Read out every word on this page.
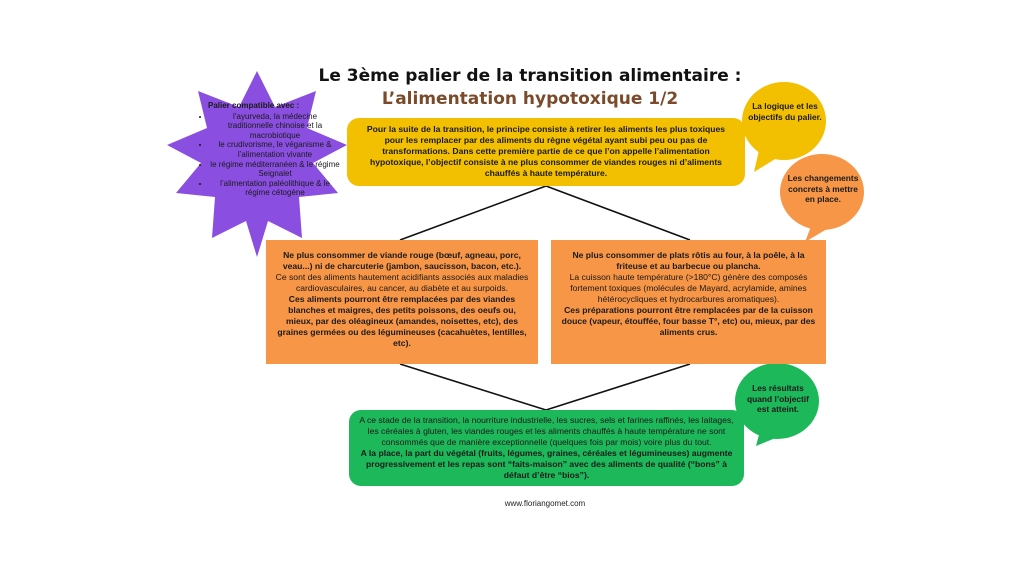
Le 3ème palier de la transition alimentaire :
L’alimentation hypotoxique 1/2
Palier compatible avec :
• l’ayurveda, la médecine traditionnelle chinoise et la macrobiotique
• le crudivorisme, le véganisme & l’alimentation vivante
• le régime méditerranéen & le régime Seignalet
• l’alimentation paléolithique & le régime cétogène
Pour la suite de la transition, le principe consiste à retirer les aliments les plus toxiques pour les remplacer par des aliments du règne végétal ayant subi peu ou pas de transformations. Dans cette première partie de ce que l’on appelle l’alimentation hypotoxique, l’objectif consiste à ne plus consommer de viandes rouges ni d’aliments chauffés à haute température.

Ne plus consommer de viande rouge (bœuf, agneau, porc, veau...) ni de charcuterie (jambon, saucisson, bacon, etc.).

Ce sont des aliments hautement acidifiants associés aux maladies cardiovasculaires, au cancer, au diabète et au surpoids.

Ces aliments pourront être remplacées par des viandes blanches et maigres, des petits poissons, des oeufs ou, mieux, par des oléagineux (amandes, noisettes, etc), des graines germées ou des légumineuses (cacahuètes, lentilles, etc).

Ne plus consommer de plats rôtis au four, à la poêle, à la friteuse et au barbecue ou plancha.

La cuisson haute température (>180°C) génère des composés fortement toxiques (molécules de Mayard, acrylamide, amines hétérocycliques et hydrocarbures aromatiques).

Ces préparations pourront être remplacées par de la cuisson douce (vapeur, étouffée, four basse T°, etc) ou, mieux, par des aliments crus.

A ce stade de la transition, la nourriture industrielle, les sucres, sels et farines raffinés, les laitages, les céréales à gluten, les viandes rouges et les aliments chauffés à haute température ne sont consommés que de manière exceptionnelle (quelques fois par mois) voire plus du tout.

A la place, la part du végétal (fruits, légumes, graines, céréales et légumineuses) augmente progressivement et les repas sont “faits-maison” avec des aliments de qualité (“bons” à défaut d’être “bios”).

La logique et les objectifs du palier.
Les changements concrets à mettre en place.
Les résultats quand l’objectif est atteint.
www.floriangomet.com
